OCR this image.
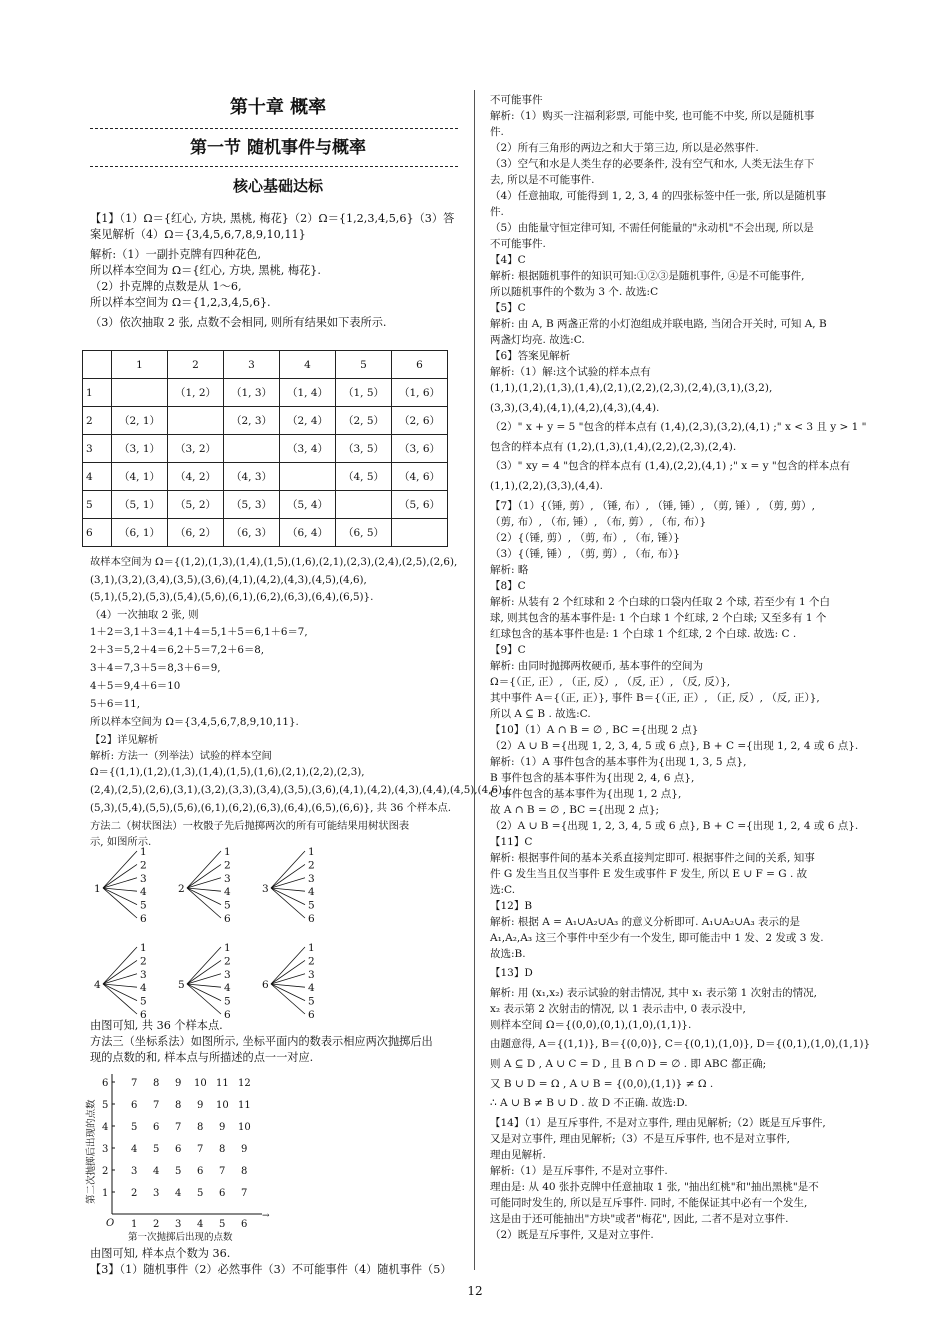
第十章 概率
第一节 随机事件与概率
核心基础达标
【1】（1）Ω＝{红心, 方块, 黑桃, 梅花}（2）Ω＝{1,2,3,4,5,6}（3）答
案见解析（4）Ω＝{3,4,5,6,7,8,9,10,11}
解析:（1）一副扑克牌有四种花色,
所以样本空间为 Ω＝{红心, 方块, 黑桃, 梅花}.
（2）扑克牌的点数是从 1～6,
所以样本空间为 Ω＝{1,2,3,4,5,6}.
（3）依次抽取 2 张, 点数不会相同, 则所有结果如下表所示.
	1	2	3	4	5	6
1		（1, 2）	（1, 3）	（1, 4）	（1, 5）	（1, 6）
2	（2, 1）		（2, 3）	（2, 4）	（2, 5）	（2, 6）
3	（3, 1）	（3, 2）		（3, 4）	（3, 5）	（3, 6）
4	（4, 1）	（4, 2）	（4, 3）		（4, 5）	（4, 6）
5	（5, 1）	（5, 2）	（5, 3）	（5, 4）		（5, 6）
6	（6, 1）	（6, 2）	（6, 3）	（6, 4）	（6, 5）	
故样本空间为 Ω＝{(1,2),(1,3),(1,4),(1,5),(1,6),(2,1),(2,3),(2,4),(2,5),(2,6),
(3,1),(3,2),(3,4),(3,5),(3,6),(4,1),(4,2),(4,3),(4,5),(4,6),
(5,1),(5,2),(5,3),(5,4),(5,6),(6,1),(6,2),(6,3),(6,4),(6,5)}.
（4）一次抽取 2 张, 则
1＋2＝3,1＋3＝4,1＋4＝5,1＋5＝6,1＋6＝7,
2＋3＝5,2＋4＝6,2＋5＝7,2＋6＝8,
3＋4＝7,3＋5＝8,3＋6＝9,
4＋5＝9,4＋6＝10
5＋6＝11,
所以样本空间为 Ω＝{3,4,5,6,7,8,9,10,11}.
【2】详见解析
解析: 方法一（列举法）试验的样本空间
Ω＝{(1,1),(1,2),(1,3),(1,4),(1,5),(1,6),(2,1),(2,2),(2,3),
(2,4),(2,5),(2,6),(3,1),(3,2),(3,3),(3,4),(3,5),(3,6),(4,1),(4,2),(4,3),(4,4),(4,5),(4,6),(
(5,3),(5,4),(5,5),(5,6),(6,1),(6,2),(6,3),(6,4),(6,5),(6,6)}, 共 36 个样本点.
方法二（树状图法）一枚骰子先后抛掷两次的所有可能结果用树状图表
示, 如图所示.
1
1
2
3
4
5
6
2
1
2
3
4
5
6
3
1
2
3
4
5
6
4
1
2
3
4
5
6
5
1
2
3
4
5
6
6
1
2
3
4
5
6
由图可知, 共 36 个样本点.
方法三（坐标系法）如图所示, 坐标平面内的数表示相应两次抛掷后出
现的点数的和, 样本点与所描述的点一一对应.
→
O 1
1
2
2
3
3
4
4
5
5
6
6 7 8 9 10 11 12
6 7 8 9 10 11
5 6 7 8 9 10
4 5 6 7 8 9
3 4 5 6 7 8
2 3 4 5 6 7
第一次抛掷后出现的点数
第二次抛掷后出现的点数
由图可知, 样本点个数为 36.
【3】（1）随机事件（2）必然事件（3）不可能事件（4）随机事件（5）
不可能事件
解析:（1）购买一注福利彩票, 可能中奖, 也可能不中奖, 所以是随机事
件.
（2）所有三角形的两边之和大于第三边, 所以是必然事件.
（3）空气和水是人类生存的必要条件, 没有空气和水, 人类无法生存下
去, 所以是不可能事件.
（4）任意抽取, 可能得到 1, 2, 3, 4 的四张标签中任一张, 所以是随机事
件.
（5）由能量守恒定律可知, 不需任何能量的"永动机"不会出现, 所以是
不可能事件.
【4】C
解析: 根据随机事件的知识可知:①②③是随机事件, ④是不可能事件,
所以随机事件的个数为 3 个. 故选:C
【5】C
解析: 由 A, B 两盏正常的小灯泡组成并联电路, 当闭合开关时, 可知 A, B
两盏灯均亮. 故选:C.
【6】答案见解析
解析:（1）解:这个试验的样本点有
(1,1),(1,2),(1,3),(1,4),(2,1),(2,2),(2,3),(2,4),(3,1),(3,2),
(3,3),(3,4),(4,1),(4,2),(4,3),(4,4).
（2）" x + y = 5 "包含的样本点有 (1,4),(2,3),(3,2),(4,1) ;" x < 3 且 y > 1 "
包含的样本点有 (1,2),(1,3),(1,4),(2,2),(2,3),(2,4).
（3）" xy = 4 "包含的样本点有 (1,4),(2,2),(4,1) ;" x = y "包含的样本点有
(1,1),(2,2),(3,3),(4,4).
【7】（1）{（锤, 剪）, （锤, 布）, （锤, 锤）, （剪, 锤）, （剪, 剪）,
（剪, 布）, （布, 锤）, （布, 剪）, （布, 布）}
（2）{（锤, 剪）, （剪, 布）, （布, 锤）}
（3）{（锤, 锤）, （剪, 剪）, （布, 布）}
解析: 略
【8】C
解析: 从装有 2 个红球和 2 个白球的口袋内任取 2 个球, 若至少有 1 个白
球, 则其包含的基本事件是: 1 个白球 1 个红球, 2 个白球; 又至多有 1 个
红球包含的基本事件也是: 1 个白球 1 个红球, 2 个白球. 故选: C .
【9】C
解析: 由同时抛掷两枚硬币, 基本事件的空间为
Ω＝{（正, 正）, （正, 反）, （反, 正）, （反, 反）},
其中事件 A＝{（正, 正）}, 事件 B＝{（正, 正）, （正, 反）, （反, 正）},
所以 A ⊆ B . 故选:C.
【10】（1）A ∩ B = ∅ , BC ={出现 2 点}
（2）A ∪ B ={出现 1, 2, 3, 4, 5 或 6 点}, B + C ={出现 1, 2, 4 或 6 点}.
解析:（1）A 事件包含的基本事件为{出现 1, 3, 5 点},
B 事件包含的基本事件为{出现 2, 4, 6 点},
C 事件包含的基本事件为{出现 1, 2 点},
故 A ∩ B = ∅ , BC ={出现 2 点};
（2）A ∪ B ={出现 1, 2, 3, 4, 5 或 6 点}, B + C ={出现 1, 2, 4 或 6 点}.
【11】C
解析: 根据事件间的基本关系直接判定即可. 根据事件之间的关系, 知事
件 G 发生当且仅当事件 E 发生或事件 F 发生, 所以 E ∪ F = G . 故
选:C.
【12】B
解析: 根据 A = A₁∪A₂∪A₃ 的意义分析即可. A₁∪A₂∪A₃ 表示的是
A₁,A₂,A₃ 这三个事件中至少有一个发生, 即可能击中 1 发、2 发或 3 发.
故选:B.
【13】D
解析: 用 (x₁,x₂) 表示试验的射击情况, 其中 x₁ 表示第 1 次射击的情况,
x₂ 表示第 2 次射击的情况, 以 1 表示击中, 0 表示没中,
则样本空间 Ω＝{(0,0),(0,1),(1,0),(1,1)}.
由题意得, A＝{(1,1)}, B＝{(0,0)}, C＝{(0,1),(1,0)}, D＝{(0,1),(1,0),(1,1)}
则 A ⊆ D , A ∪ C = D , 且 B ∩ D = ∅ . 即 ABC 都正确;
又 B ∪ D = Ω , A ∪ B = {(0,0),(1,1)} ≠ Ω .
∴ A ∪ B ≠ B ∪ D . 故 D 不正确. 故选:D.
【14】（1）是互斥事件, 不是对立事件, 理由见解析;（2）既是互斥事件,
又是对立事件, 理由见解析;（3）不是互斥事件, 也不是对立事件,
理由见解析.
解析:（1）是互斥事件, 不是对立事件.
理由是: 从 40 张扑克牌中任意抽取 1 张, "抽出红桃"和"抽出黑桃"是不
可能同时发生的, 所以是互斥事件. 同时, 不能保证其中必有一个发生,
这是由于还可能抽出"方块"或者"梅花", 因此, 二者不是对立事件.
（2）既是互斥事件, 又是对立事件.
12
